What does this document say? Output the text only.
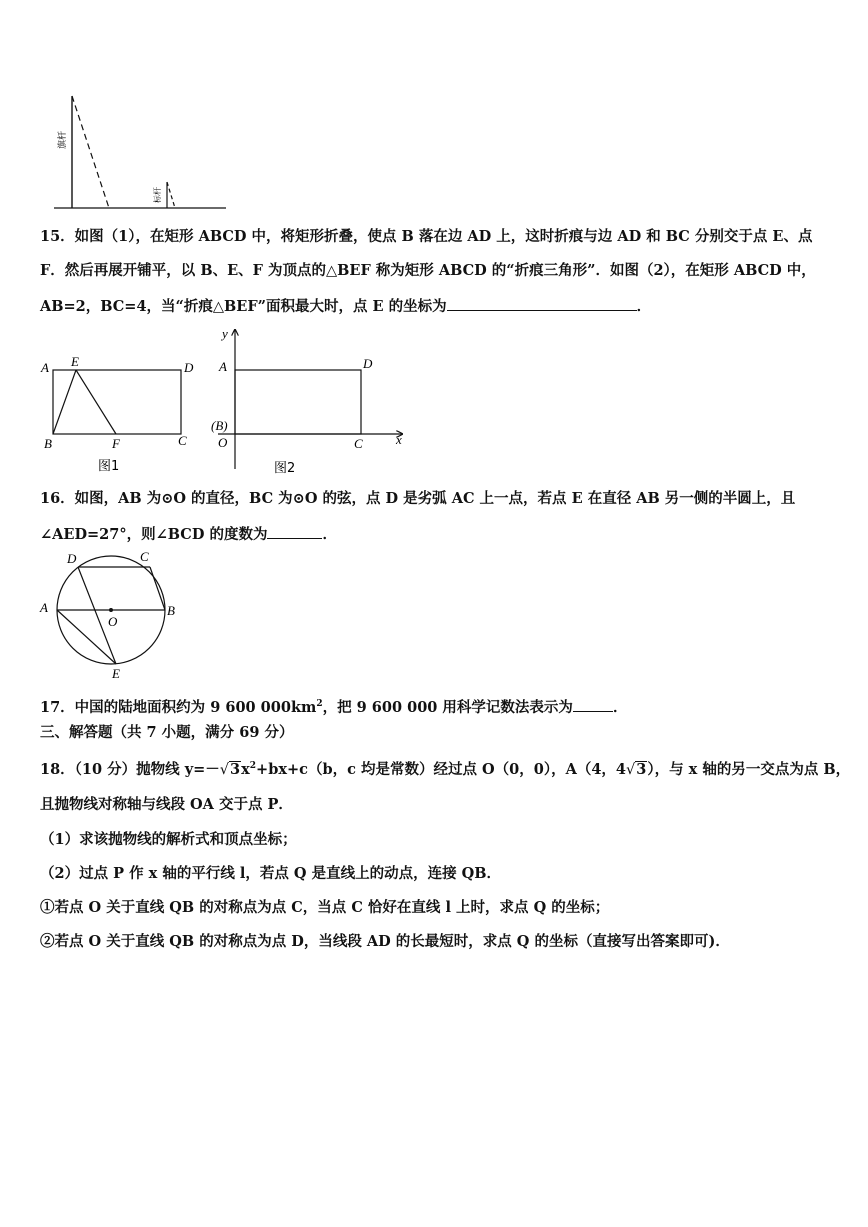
旗杆
标杆
15．如图（1），在矩形 ABCD 中，将矩形折叠，使点 B 落在边 AD 上，这时折痕与边 AD 和 BC 分别交于点 E、点
F．然后再展开铺平，以 B、E、F 为顶点的△BEF 称为矩形 ABCD 的“折痕三角形”．如图（2），在矩形 ABCD 中，
AB=2，BC=4，当“折痕△BEF”面积最大时，点 E 的坐标为	．
A E	D
B	F	C
图1
y
A	D
(B)
O	C	x
图2
16．如图，AB 为⊙O 的直径，BC 为⊙O 的弦，点 D 是劣弧 AC 上一点，若点 E 在直径 AB 另一侧的半圆上，且
∠AED=27°，则∠BCD 的度数为	．
D	C
A
O
B
E
17．中国的陆地面积约为 9 600 $000km^2$，把 9 600 000 用科学记数法表示为	．
三、解答题（共 7 小题，满分 69 分）
18．（10 分）抛物线 $y=-√3x^2+bx+c(b$，c 均是常数）经过点 O（0，0），A（4，4√3），与 x 轴的另一交点为点 B，
且抛物线对称轴与线段 OA 交于点 P．
（1）求该抛物线的解析式和顶点坐标；
（2）过点 P 作 x 轴的平行线 l，若点 Q 是直线上的动点，连接 QB．
①若点 O 关于直线 QB 的对称点为点 C，当点 C 恰好在直线 l 上时，求点 Q 的坐标；
②若点 O 关于直线 QB 的对称点为点 D，当线段 AD 的长最短时，求点 Q 的坐标（直接写出答案即可)．
